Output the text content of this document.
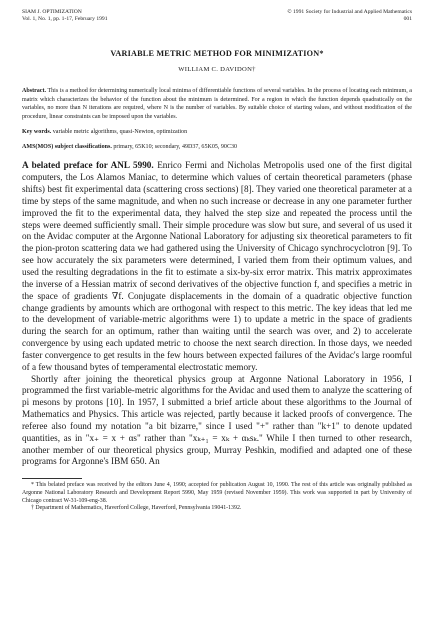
SIAM J. OPTIMIZATION
Vol. 1, No. 1, pp. 1-17, February 1991
© 1991 Society for Industrial and Applied Mathematics
001
VARIABLE METRIC METHOD FOR MINIMIZATION*
WILLIAM C. DAVIDON†
Abstract. This is a method for determining numerically local minima of differentiable functions of several variables. In the process of locating each minimum, a matrix which characterizes the behavior of the function about the minimum is determined. For a region in which the function depends quadratically on the variables, no more than N iterations are required, where N is the number of variables. By suitable choice of starting values, and without modification of the procedure, linear constraints can be imposed upon the variables.
Key words. variable metric algorithms, quasi-Newton, optimization
AMS(MOS) subject classifications. primary, 65K10; secondary, 49D37, 65K05, 90C30

A belated preface for ANL 5990. Enrico Fermi and Nicholas Metropolis used one of the first digital computers, the Los Alamos Maniac, to determine which values of certain theoretical parameters (phase shifts) best fit experimental data (scattering cross sections) [8]. They varied one theoretical parameter at a time by steps of the same magnitude, and when no such increase or decrease in any one parameter further improved the fit to the experimental data, they halved the step size and repeated the process until the steps were deemed sufficiently small. Their simple procedure was slow but sure, and several of us used it on the Avidac computer at the Argonne National Laboratory for adjusting six theoretical parameters to fit the pion-proton scattering data we had gathered using the University of Chicago synchrocyclotron [9]. To see how accurately the six parameters were determined, I varied them from their optimum values, and used the resulting degradations in the fit to estimate a six-by-six error matrix. This matrix approximates the inverse of a Hessian matrix of second derivatives of the objective function f, and specifies a metric in the space of gradients ∇f. Conjugate displacements in the domain of a quadratic objective function change gradients by amounts which are orthogonal with respect to this metric. The key ideas that led me to the development of variable-metric algorithms were 1) to update a metric in the space of gradients during the search for an optimum, rather than waiting until the search was over, and 2) to accelerate convergence by using each updated metric to choose the next search direction. In those days, we needed faster convergence to get results in the few hours between expected failures of the Avidac's large roomful of a few thousand bytes of temperamental electrostatic memory.

Shortly after joining the theoretical physics group at Argonne National Laboratory in 1956, I programmed the first variable-metric algorithms for the Avidac and used them to analyze the scattering of pi mesons by protons [10]. In 1957, I submitted a brief article about these algorithms to the Journal of Mathematics and Physics. This article was rejected, partly because it lacked proofs of convergence. The referee also found my notation "a bit bizarre," since I used "+" rather than "k+1" to denote updated quantities, as in "x₊ = x + αs" rather than "xₖ₊₁ = xₖ + αₖsₖ." While I then turned to other research, another member of our theoretical physics group, Murray Peshkin, modified and adapted one of these programs for Argonne's IBM 650. An

* This belated preface was received by the editors June 4, 1990; accepted for publication August 10, 1990. The rest of this article was originally published as Argonne National Laboratory Research and Development Report 5990, May 1959 (revised November 1959). This work was supported in part by University of Chicago contract W-31-109-eng-38.

† Department of Mathematics, Haverford College, Haverford, Pennsylvania 19041-1392.
